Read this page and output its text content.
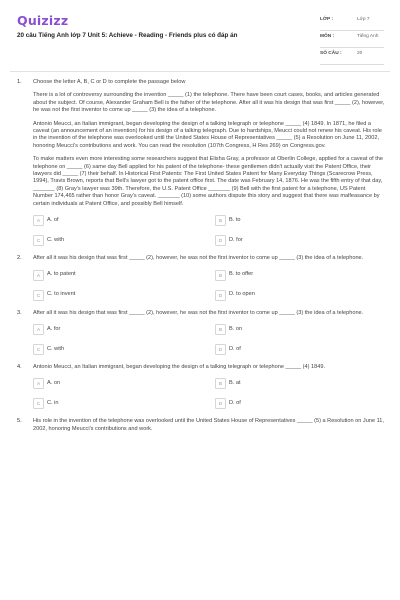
Quizizz
20 câu Tiếng Anh lớp 7 Unit 5: Achieve - Reading - Friends plus có đáp án
LỚP :	Lớp 7
MÔN :	Tiếng Anh
SỐ CÂU :	20
1. Choose the letter A, B, C or D to complete the passage below

There is a lot of controversy surrounding the invention _____ (1) the telephone. There have been court cases, books, and articles generated about the subject. Of course, Alexander Graham Bell is the father of the telephone. After all it was his design that was first _____ (2), however, he was not the first inventor to come up _____ (3) the idea of a telephone.

Antonio Meucci, an Italian immigrant, began developing the design of a talking telegraph or telephone _____ (4) 1849. In 1871, he filed a caveat (an announcement of an invention) for his design of a talking telegraph. Due to hardships, Meucci could not renew his caveat. His role in the invention of the telephone was overlooked until the United States House of Representatives _____ (5) a Resolution on June 11, 2002, honoring Meucci's contributions and work. You can read the resolution (107th Congress, H Res 269) on Congress.gov.

To make matters even more interesting some researchers suggest that Elisha Gray, a professor at Oberlin College, applied for a caveat of the telephone on _____ (6) same day Bell applied for his patent of the telephone- these gentlemen didn't actually visit the Patent Office, their lawyers did _____ (7) their behalf. In Historical First Patents: The First United States Patent for Many Everyday Things (Scarecrow Press, 1994), Travis Brown, reports that Bell's lawyer got to the patent office first. The date was February 14, 1876. He was the fifth entry of that day, _______ (8) Gray's lawyer was 39th. Therefore, the U.S. Patent Office _______ (9) Bell with the first patent for a telephone, US Patent Number 174,465 rather than honor Gray's caveat. _______ (10) some authors dispute this story and suggest that there was malfeasance by certain individuals at Patent Office, and possibly Bell himself.

A	A. of	B	B. to
C	C. with	D	D. for
2. After all it was his design that was first _____ (2), however, he was not the first inventor to come up _____ (3) the idea of a telephone.

A	A. to patent	B	B. to offer
C	C. to invent	D	D. to open
3. After all it was his design that was first _____ (2), however, he was not the first inventor to come up _____ (3) the idea of a telephone.

A	A. for	B	B. on
C	C. with	D	D. of
4. Antonio Meucci, an Italian immigrant, began developing the design of a talking telegraph or telephone _____ (4) 1849.

A	A. on	B	B. at
C	C. in	D	D. of
5. His role in the invention of the telephone was overlooked until the United States House of Representatives _____ (5) a Resolution on June 11, 2002, honoring Meucci's contributions and work.
